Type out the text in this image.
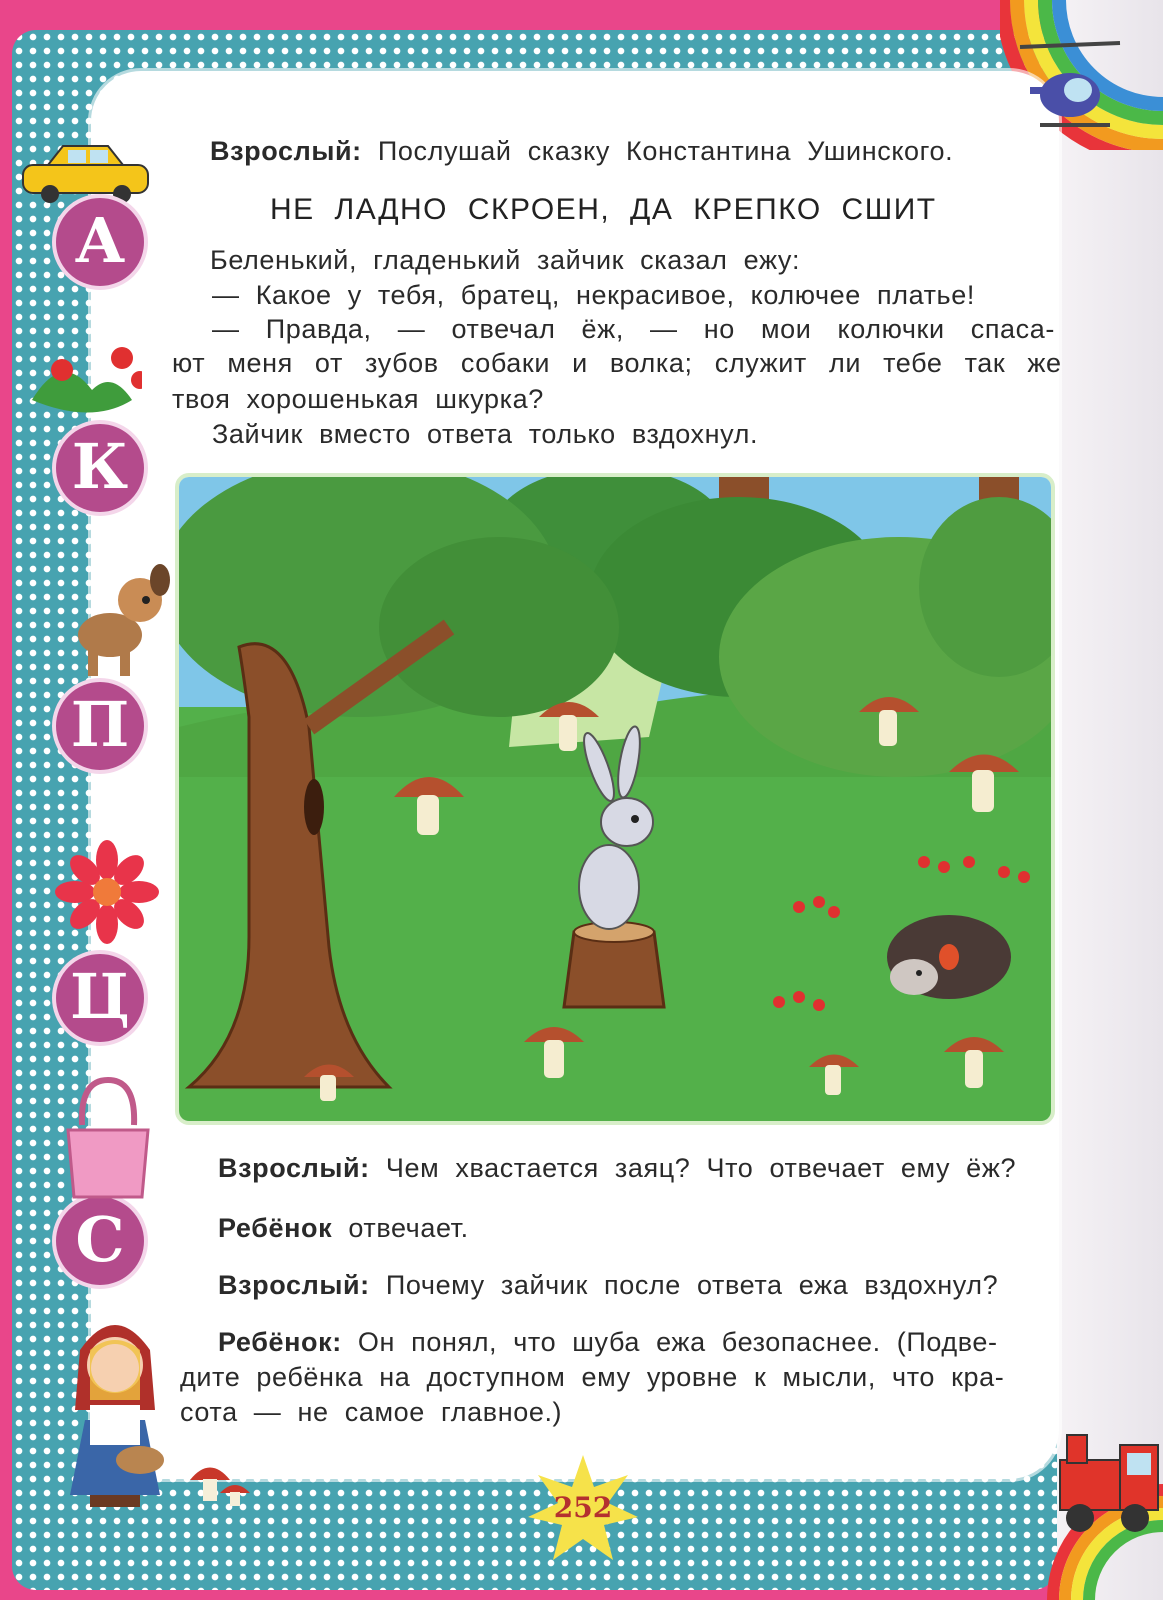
А
К
П
Ц
С
Взрослый: Послушай сказку Константина Ушинского.
НЕ ЛАДНО СКРОЕН, ДА КРЕПКО СШИТ
Беленький, гладенький зайчик сказал ежу:
— Какое у тебя, братец, некрасивое, колючее платье!
— Правда, — отвечал ёж, — но мои колючки спаса-
ют меня от зубов собаки и волка; служит ли тебе так же
твоя хорошенькая шкурка?
Зайчик вместо ответа только вздохнул.
Взрослый: Чем хвастается заяц? Что отвечает ему ёж?
Ребёнок отвечает.
Взрослый: Почему зайчик после ответа ежа вздохнул?
Ребёнок: Он понял, что шуба ежа безопаснее. (Подве-
дите ребёнка на доступном ему уровне к мысли, что кра-
сота — не самое главное.)
252
